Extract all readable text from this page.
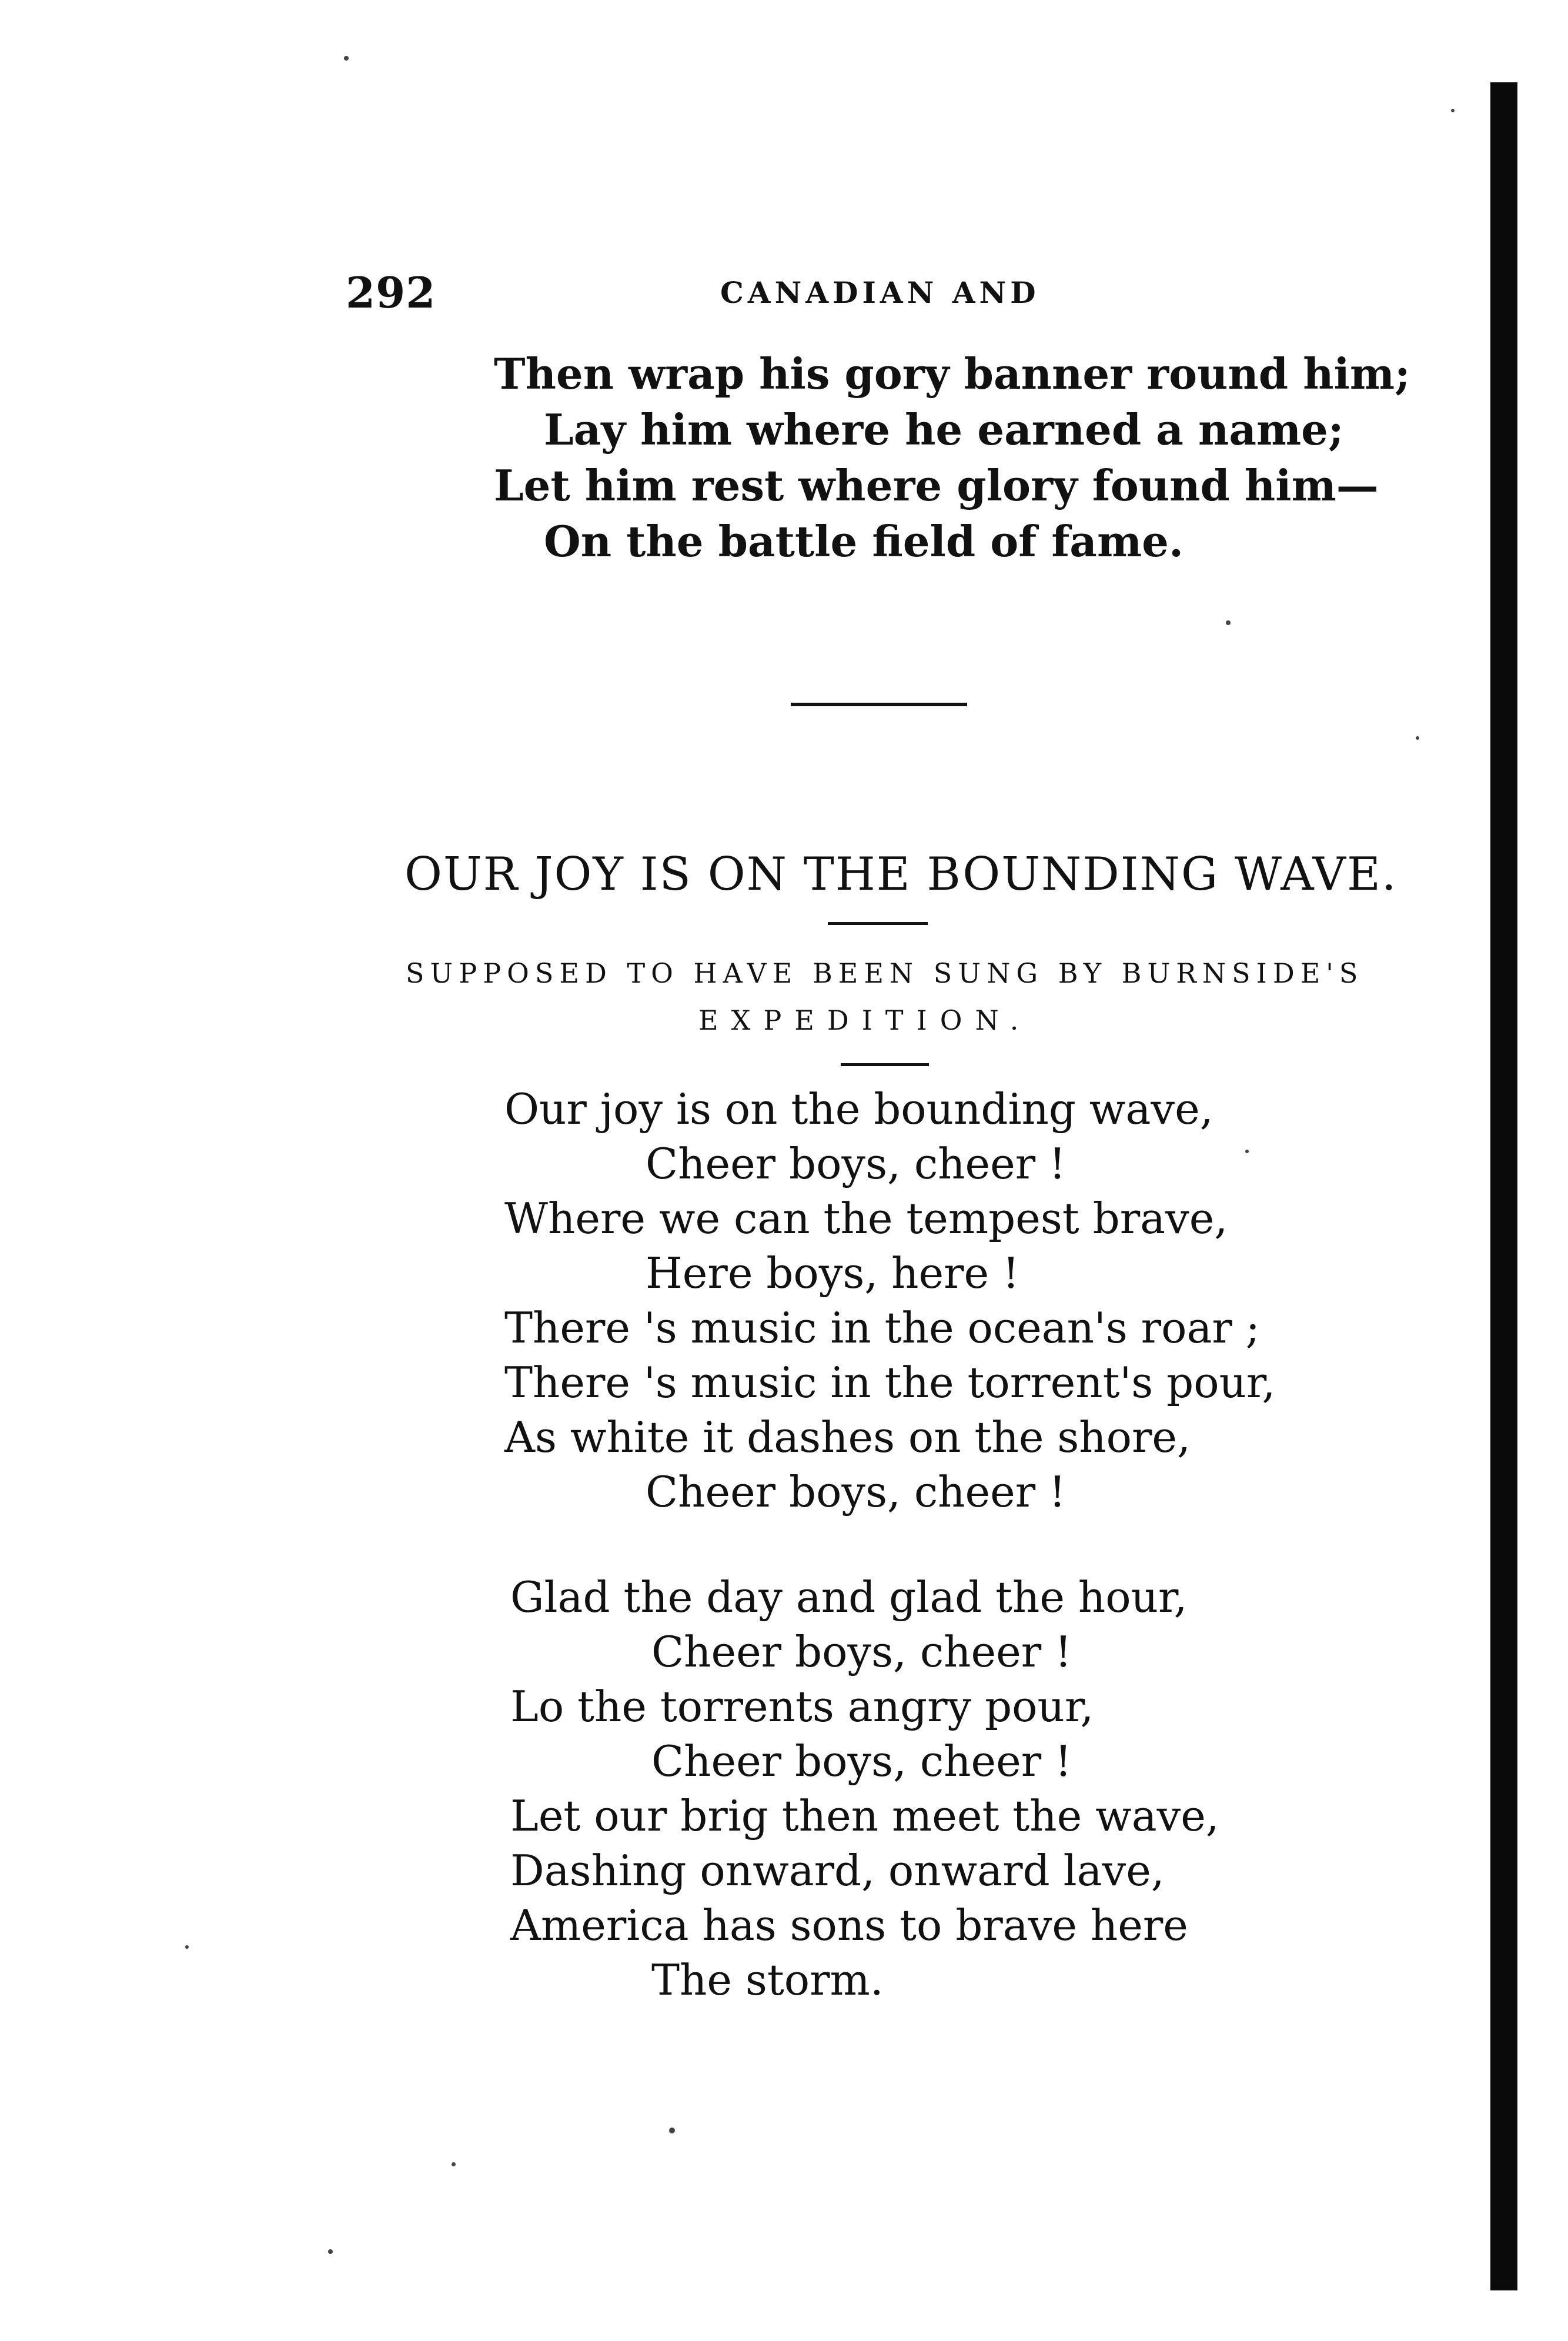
292	CANADIAN AND
Then wrap his gory banner round him;
Lay him where he earned a name;
Let him rest where glory found him—
On the battle field of fame.
OUR JOY IS ON THE BOUNDING WAVE.
SUPPOSED TO HAVE BEEN SUNG BY BURNSIDE'S
EXPEDITION.
Our joy is on the bounding wave,
Cheer boys, cheer !
Where we can the tempest brave,
Here boys, here !
There 's music in the ocean's roar ;
There 's music in the torrent's pour,
As white it dashes on the shore,
Cheer boys, cheer !
Glad the day and glad the hour,
Cheer boys, cheer !
Lo the torrents angry pour,
Cheer boys, cheer !
Let our brig then meet the wave,
Dashing onward, onward lave,
America has sons to brave here
The storm.
